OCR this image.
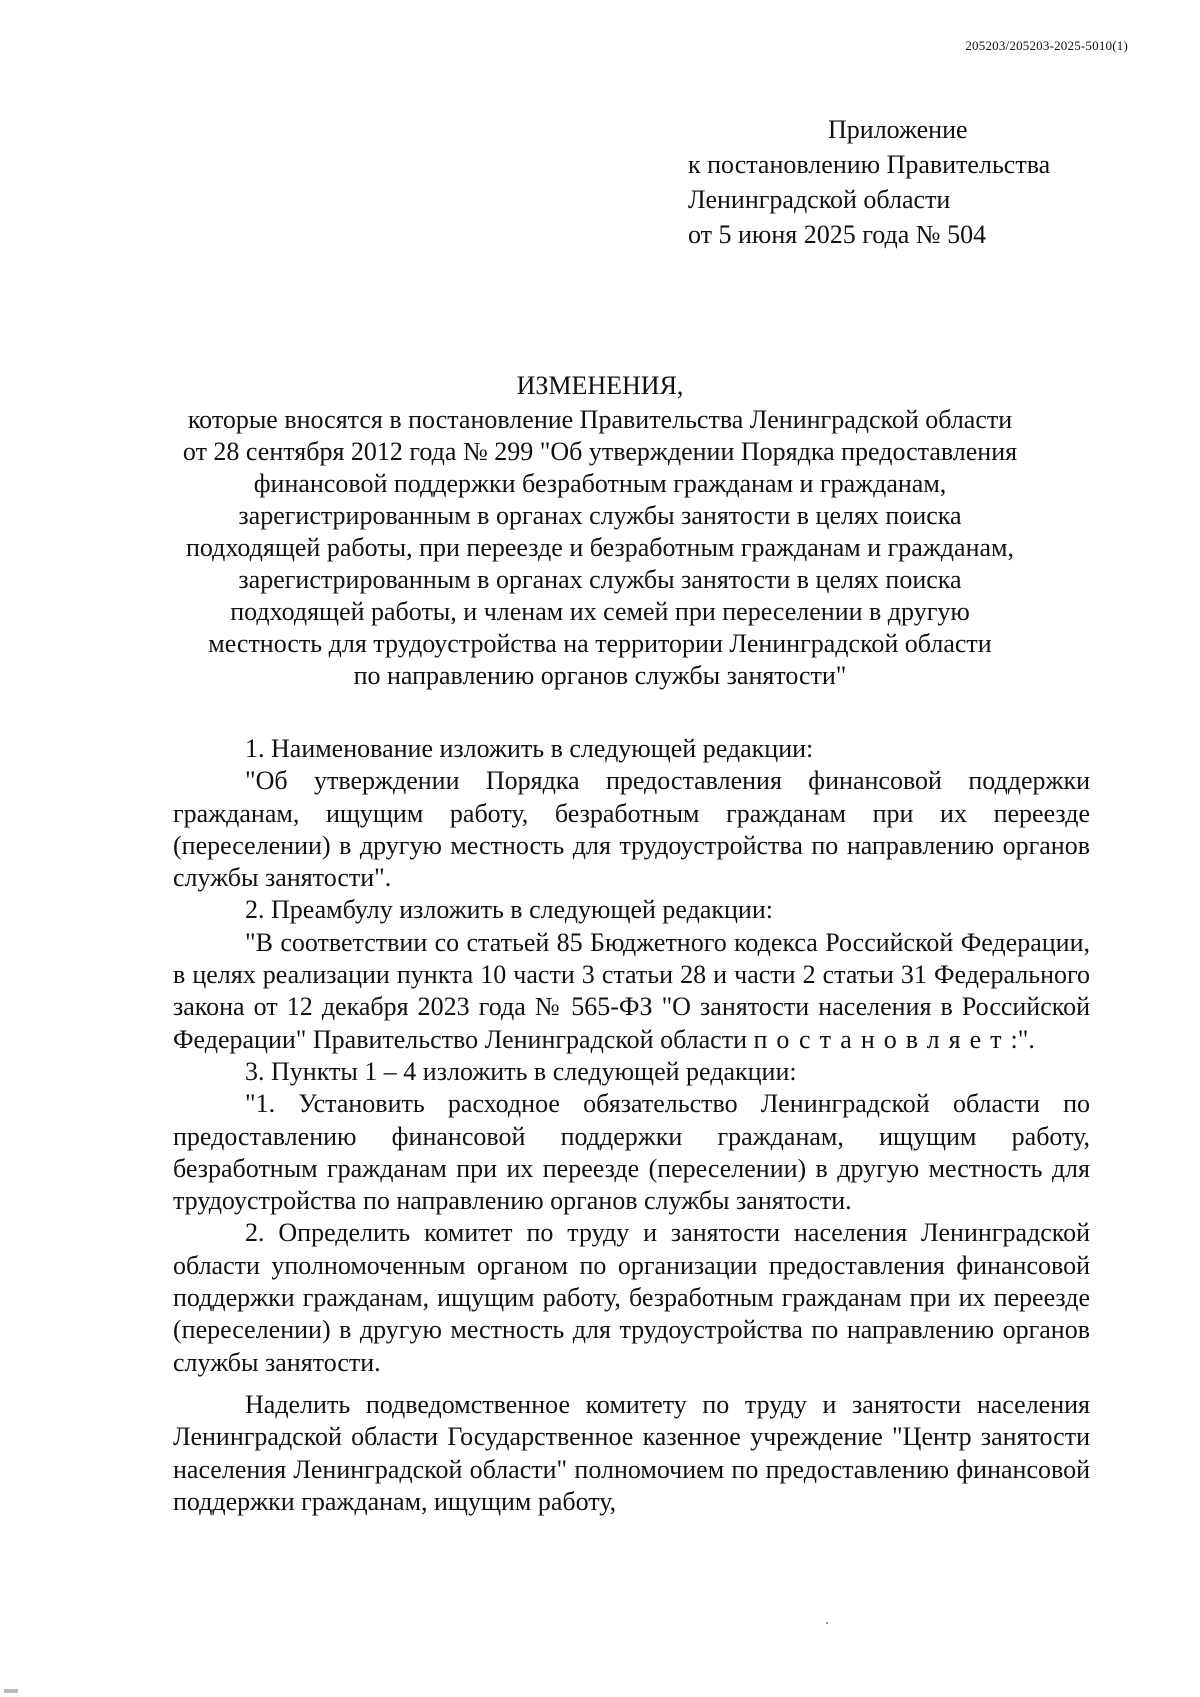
205203/205203-2025-5010(1)
Приложение
к постановлению Правительства
Ленинградской области
от 5 июня 2025 года № 504
ИЗМЕНЕНИЯ,
которые вносятся в постановление Правительства Ленинградской области
от 28 сентября 2012 года № 299 "Об утверждении Порядка предоставления
финансовой поддержки безработным гражданам и гражданам,
зарегистрированным в органах службы занятости в целях поиска
подходящей работы, при переезде и безработным гражданам и гражданам,
зарегистрированным в органах службы занятости в целях поиска
подходящей работы, и членам их семей при переселении в другую
местность для трудоустройства на территории Ленинградской области
по направлению органов службы занятости"

1. Наименование изложить в следующей редакции:

"Об утверждении Порядка предоставления финансовой поддержки гражданам, ищущим работу, безработным гражданам при их переезде (переселении) в другую местность для трудоустройства по направлению органов службы занятости".

2. Преамбулу изложить в следующей редакции:

"В соответствии со статьей 85 Бюджетного кодекса Российской Федерации, в целях реализации пункта 10 части 3 статьи 28 и части 2 статьи 31 Федерального закона от 12 декабря 2023 года № 565-ФЗ "О занятости населения в Российской Федерации" Правительство Ленинградской области постановляет:".

3. Пункты 1 – 4 изложить в следующей редакции:

"1. Установить расходное обязательство Ленинградской области по предоставлению финансовой поддержки гражданам, ищущим работу, безработным гражданам при их переезде (переселении) в другую местность для трудоустройства по направлению органов службы занятости.

2. Определить комитет по труду и занятости населения Ленинградской области уполномоченным органом по организации предоставления финансовой поддержки гражданам, ищущим работу, безработным гражданам при их переезде (переселении) в другую местность для трудоустройства по направлению органов службы занятости.

Наделить подведомственное комитету по труду и занятости населения Ленинградской области Государственное казенное учреждение "Центр занятости населения Ленинградской области" полномочием по предоставлению финансовой поддержки гражданам, ищущим работу,
